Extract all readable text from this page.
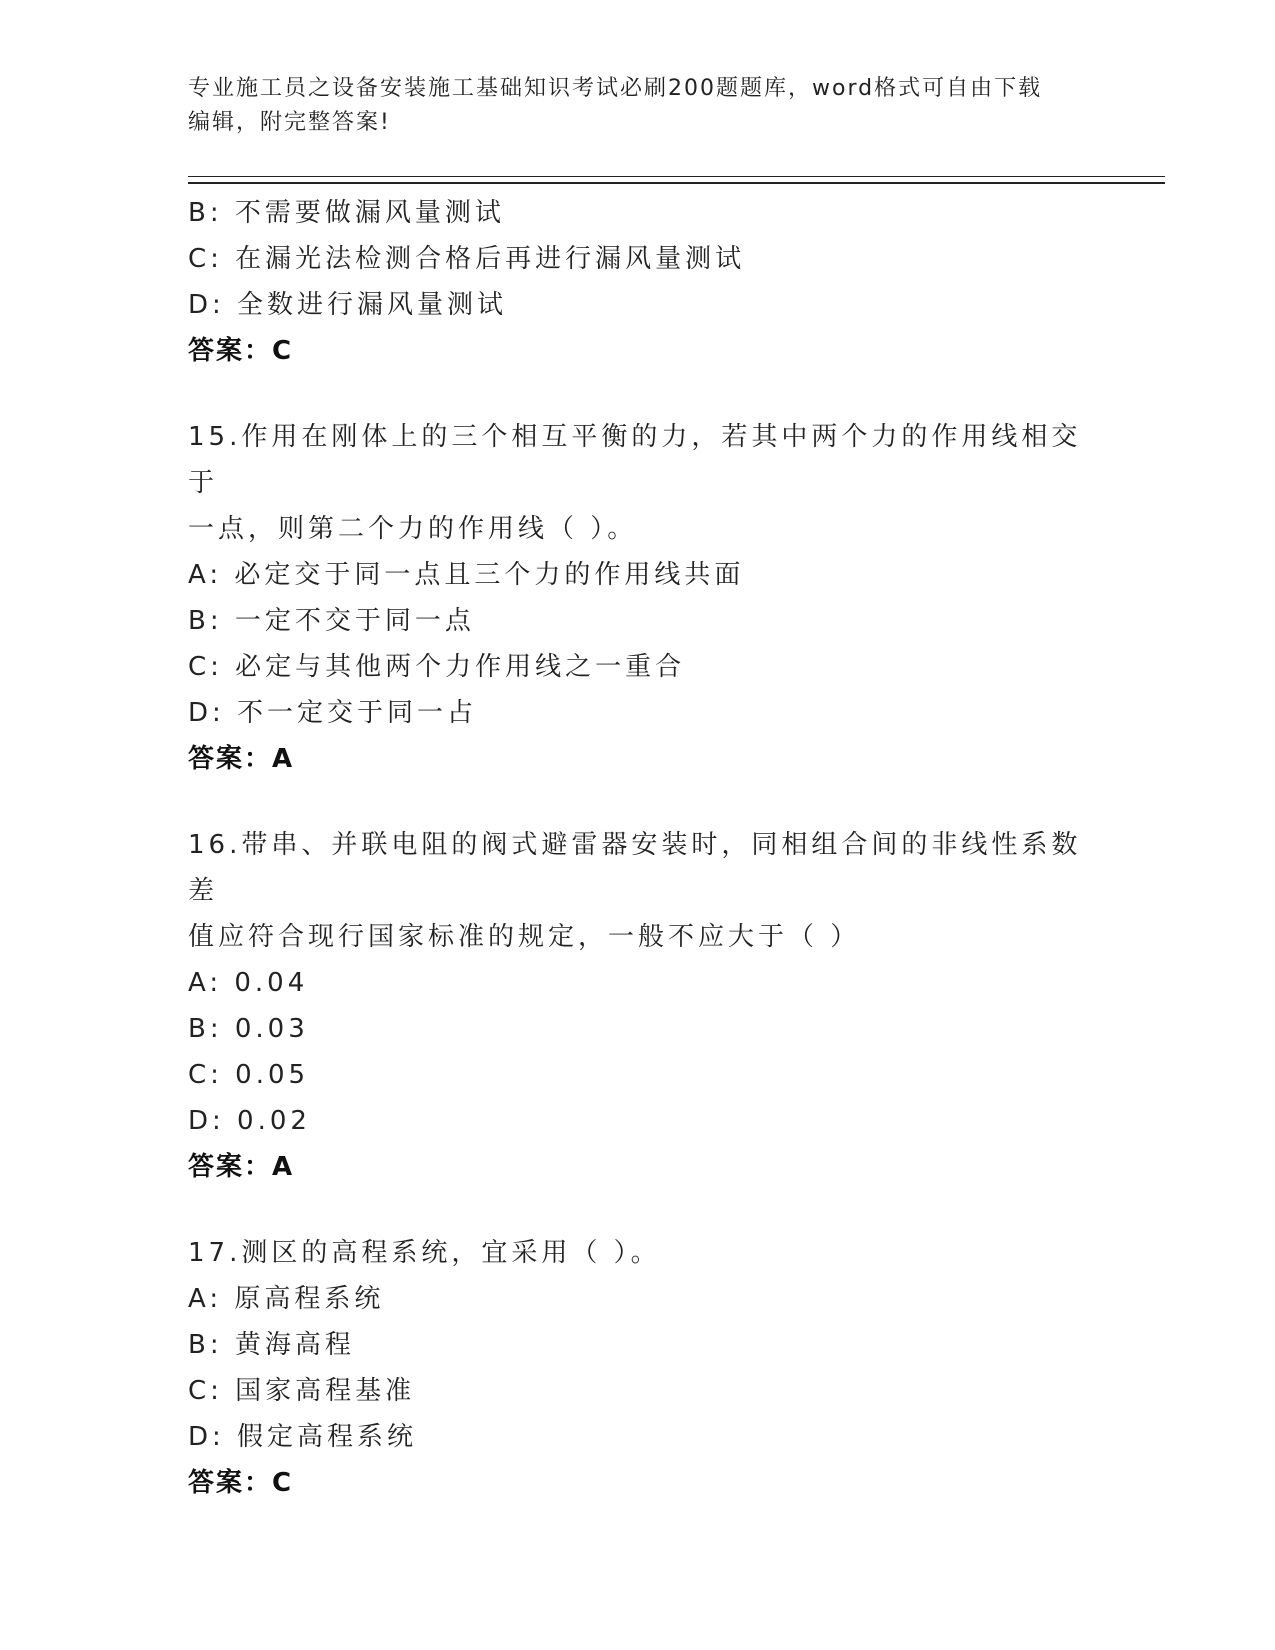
专业施工员之设备安装施工基础知识考试必刷200题题库，word格式可自由下载
编辑，附完整答案!
B: 不需要做漏风量测试
C: 在漏光法检测合格后再进行漏风量测试
D: 全数进行漏风量测试
答案：C
15.作用在刚体上的三个相互平衡的力，若其中两个力的作用线相交于
一点，则第二个力的作用线（ ）。
A: 必定交于同一点且三个力的作用线共面
B: 一定不交于同一点
C: 必定与其他两个力作用线之一重合
D: 不一定交于同一占
答案：A
16.带串、并联电阻的阀式避雷器安装时，同相组合间的非线性系数差
值应符合现行国家标准的规定，一般不应大于（ ）
A: 0.04
B: 0.03
C: 0.05
D: 0.02
答案：A
17.测区的高程系统，宜采用（ ）。
A: 原高程系统
B: 黄海高程
C: 国家高程基准
D: 假定高程系统
答案：C
